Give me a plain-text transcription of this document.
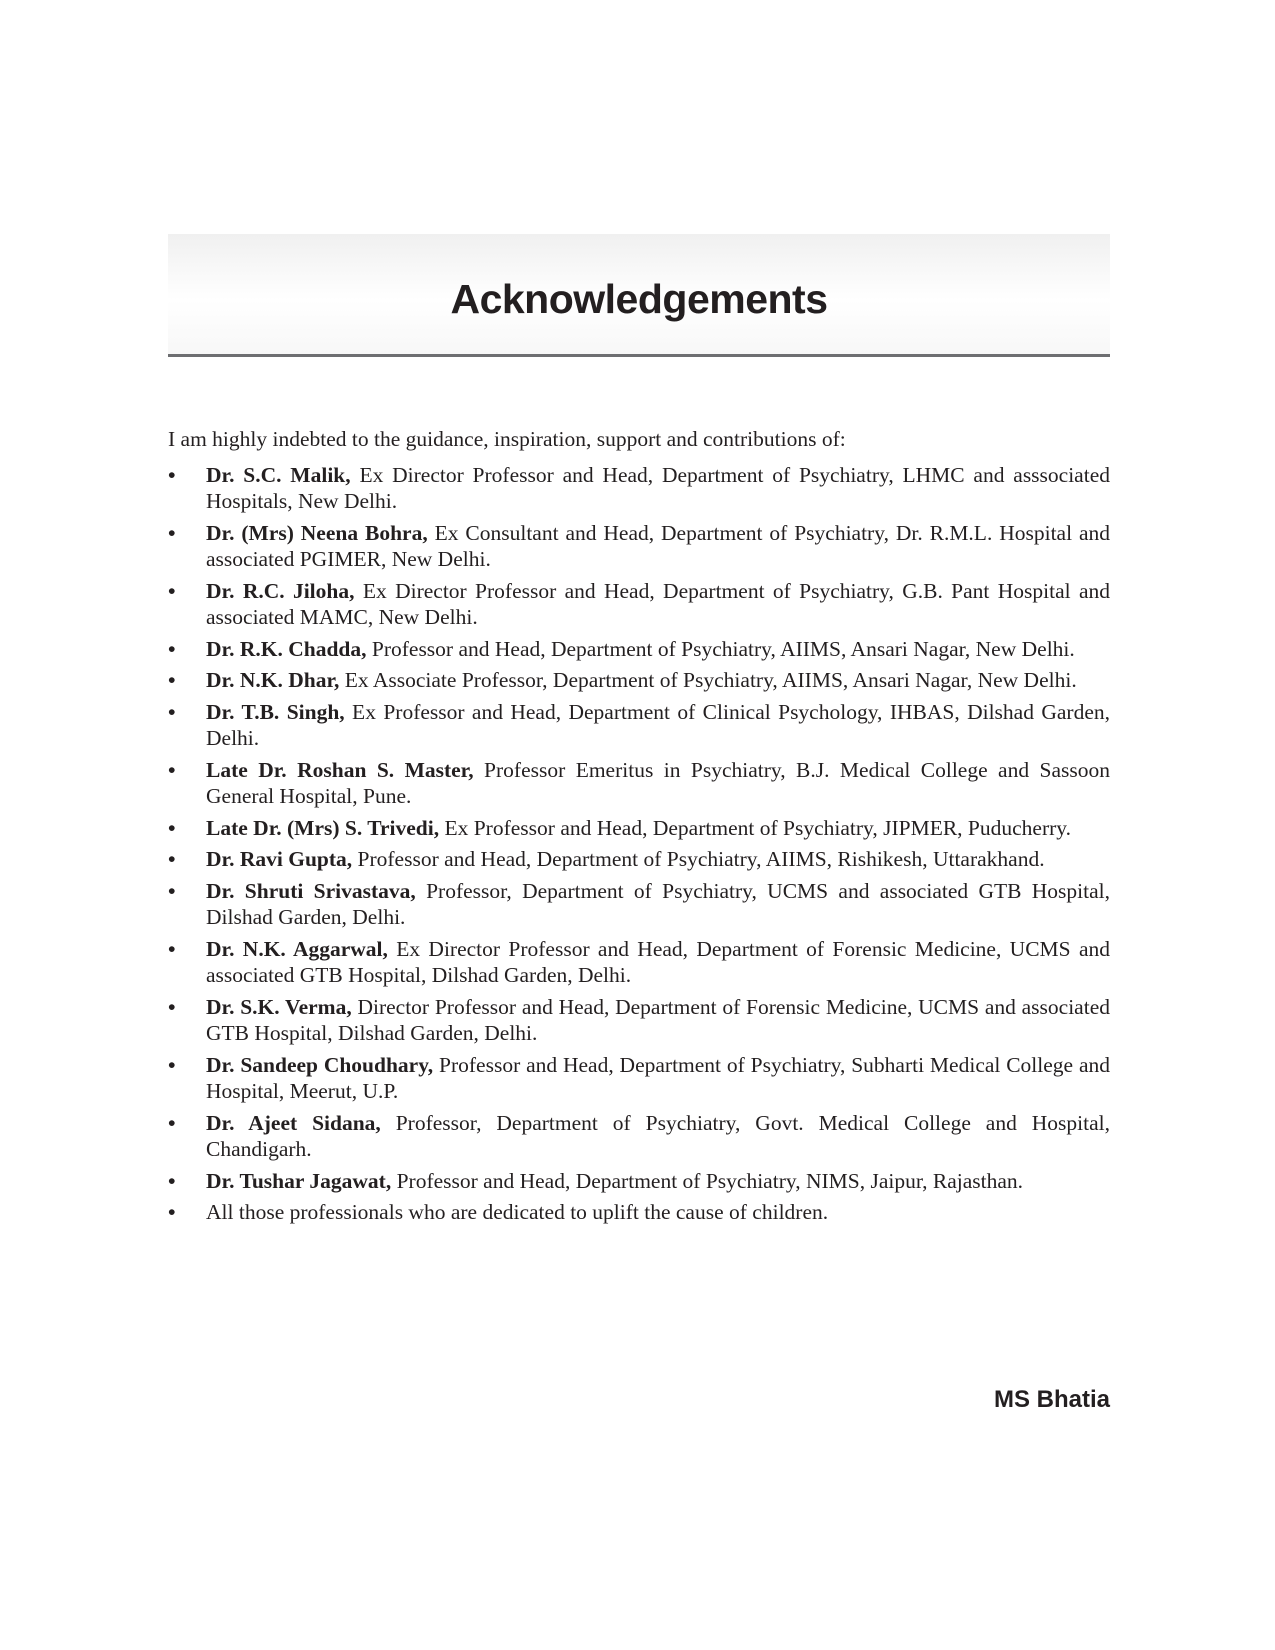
Acknowledgements

I am highly indebted to the guidance, inspiration, support and contributions of:

•	Dr. S.C. Malik, Ex Director Professor and Head, Department of Psychiatry, LHMC and asssociated Hospitals, New Delhi.
•	Dr. (Mrs) Neena Bohra, Ex Consultant and Head, Department of Psychiatry, Dr. R.M.L. Hospital and associated PGIMER, New Delhi.
•	Dr. R.C. Jiloha, Ex Director Professor and Head, Department of Psychiatry, G.B. Pant Hospital and associated MAMC, New Delhi.
•	Dr. R.K. Chadda, Professor and Head, Department of Psychiatry, AIIMS, Ansari Nagar, New Delhi.
•	Dr. N.K. Dhar, Ex Associate Professor, Department of Psychiatry, AIIMS, Ansari Nagar, New Delhi.
•	Dr. T.B. Singh, Ex Professor and Head, Department of Clinical Psychology, IHBAS, Dilshad Garden, Delhi.
•	Late Dr. Roshan S. Master, Professor Emeritus in Psychiatry, B.J. Medical College and Sassoon General Hospital, Pune.
•	Late Dr. (Mrs) S. Trivedi, Ex Professor and Head, Department of Psychiatry, JIPMER, Puducherry.
•	Dr. Ravi Gupta, Professor and Head, Department of Psychiatry, AIIMS, Rishikesh, Uttarakhand.
•	Dr. Shruti Srivastava, Professor, Department of Psychiatry, UCMS and associated GTB Hospital, Dilshad Garden, Delhi.
•	Dr. N.K. Aggarwal, Ex Director Professor and Head, Department of Forensic Medicine, UCMS and associated GTB Hospital, Dilshad Garden, Delhi.
•	Dr. S.K. Verma, Director Professor and Head, Department of Forensic Medicine, UCMS and associated GTB Hospital, Dilshad Garden, Delhi.
•	Dr. Sandeep Choudhary, Professor and Head, Department of Psychiatry, Subharti Medical College and Hospital, Meerut, U.P.
•	Dr. Ajeet Sidana, Professor, Department of Psychiatry, Govt. Medical College and Hospital, Chandigarh.
•	Dr. Tushar Jagawat, Professor and Head, Department of Psychiatry, NIMS, Jaipur, Rajasthan.
•	All those professionals who are dedicated to uplift the cause of children.
MS Bhatia
